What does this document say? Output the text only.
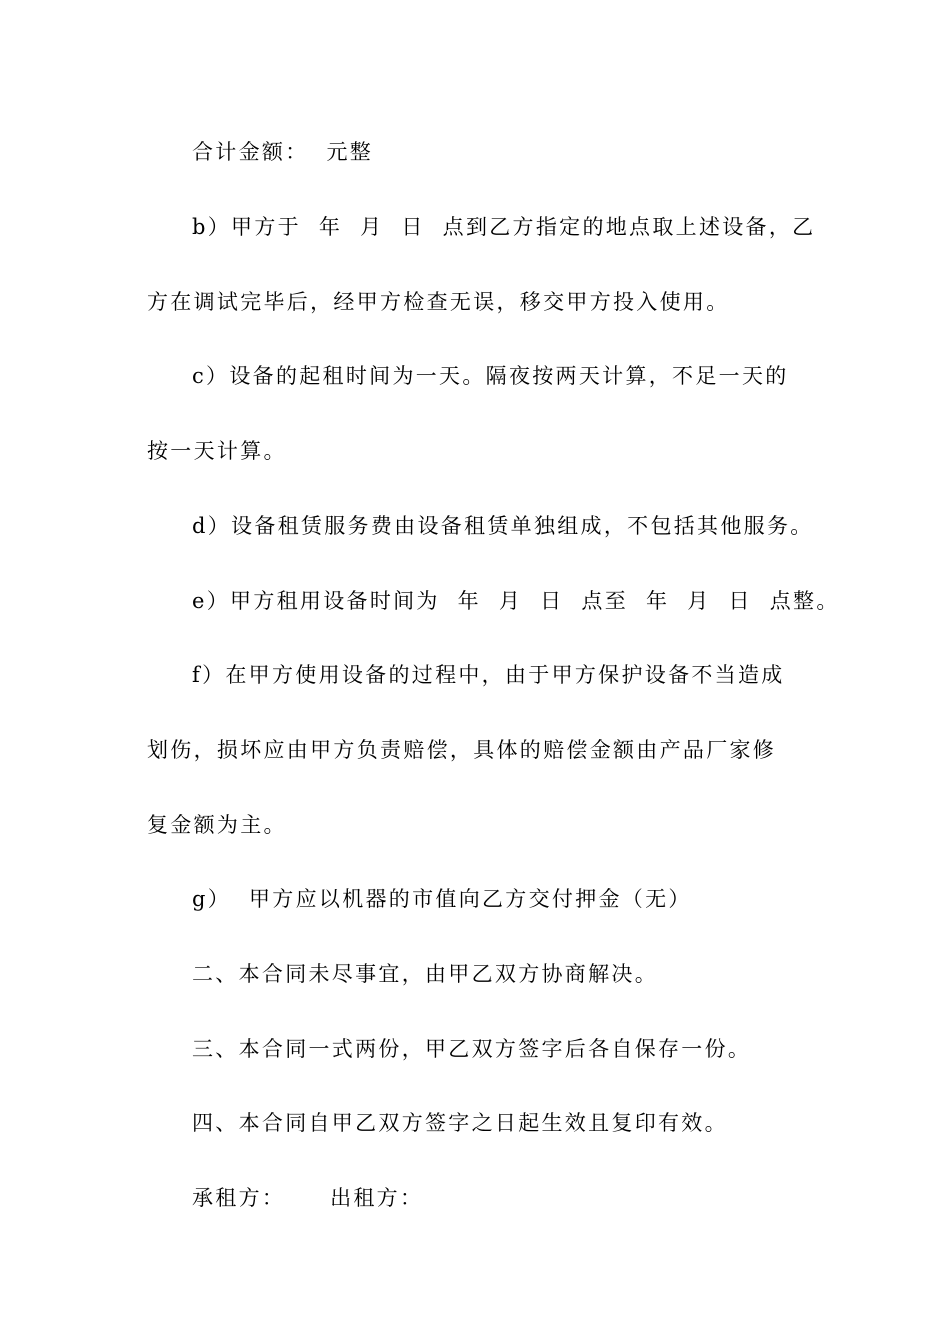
合计金额：  元整
b）甲方于  年  月  日  点到乙方指定的地点取上述设备，乙
方在调试完毕后，经甲方检查无误，移交甲方投入使用。
c）设备的起租时间为一天。隔夜按两天计算，不足一天的
按一天计算。
d）设备租赁服务费由设备租赁单独组成，不包括其他服务。
e）甲方租用设备时间为  年  月  日  点至  年  月  日  点整。
f）在甲方使用设备的过程中，由于甲方保护设备不当造成
划伤，损坏应由甲方负责赔偿，具体的赔偿金额由产品厂家修
复金额为主。
g）  甲方应以机器的市值向乙方交付押金（无）
二、本合同未尽事宜，由甲乙双方协商解决。
三、本合同一式两份，甲乙双方签字后各自保存一份。
四、本合同自甲乙双方签字之日起生效且复印有效。
承租方：     出租方：
